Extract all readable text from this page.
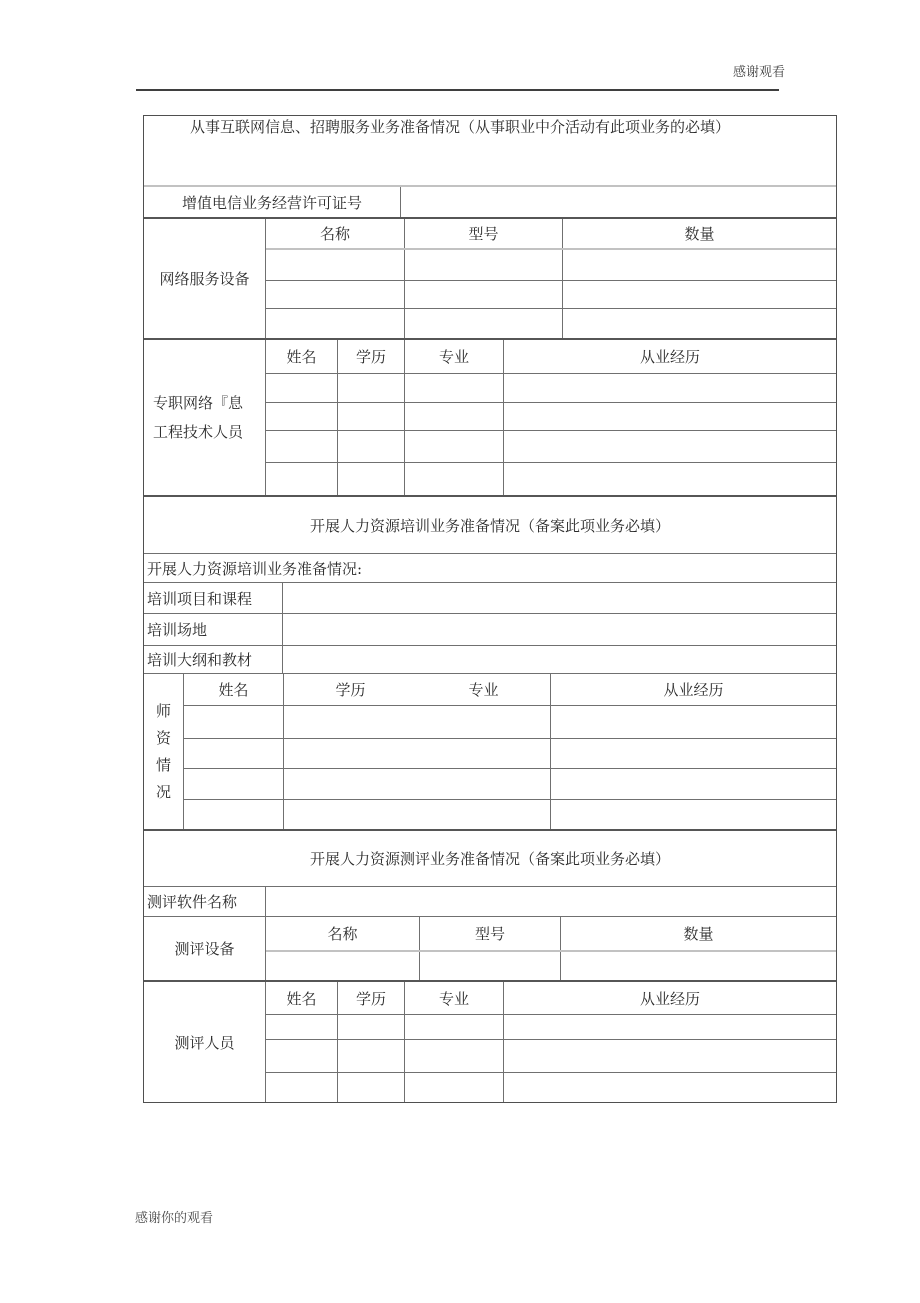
感谢观看
从事互联网信息、招聘服务业务准备情况（从事职业中介活动有此项业务的必填）
增值电信业务经营许可证号
网络服务设备
名称	型号	数量
专职网络『息
工程技术人员
姓名	学历	专业	从业经历
开展人力资源培训业务准备情况（备案此项业务必填）
开展人力资源培训业务准备情况:
培训项目和课程
培训场地
培训大纲和教材
师
资
情
况
姓名	学历	专业	从业经历
开展人力资源测评业务准备情况（备案此项业务必填）
测评软件名称
测评设备
名称	型号	数量
测评人员
姓名	学历	专业	从业经历
感谢你的观看
